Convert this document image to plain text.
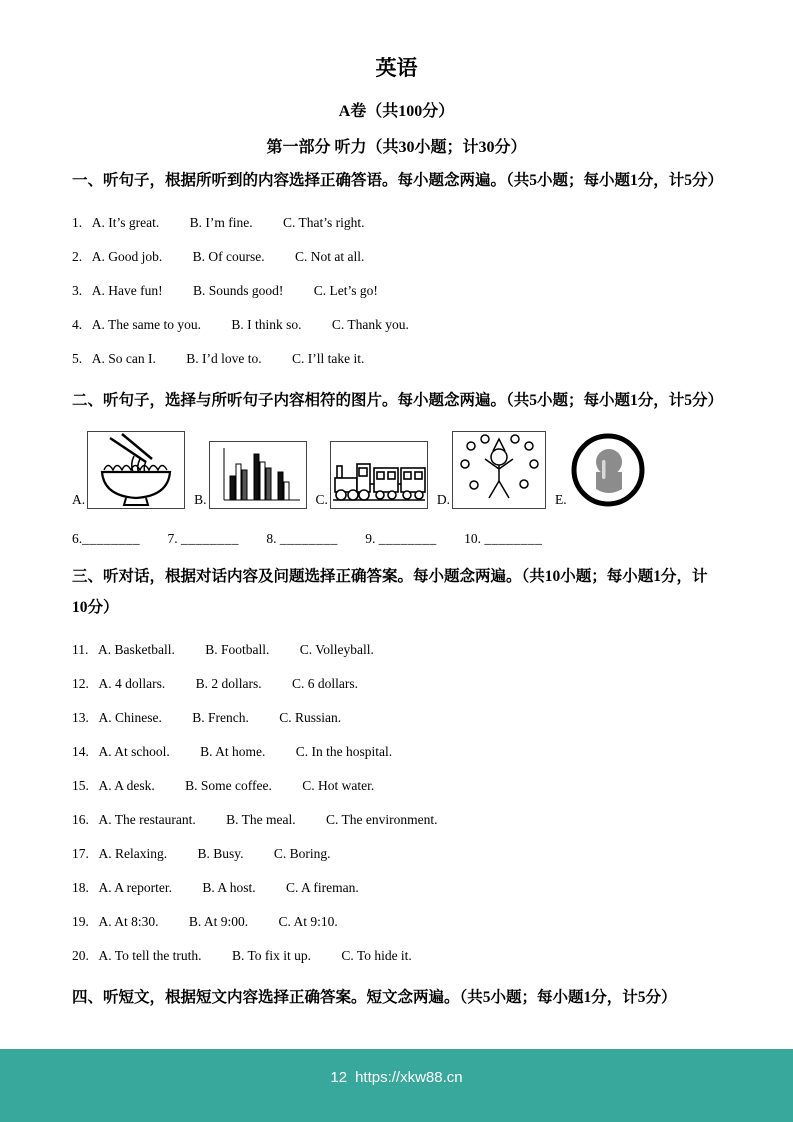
英语
A卷（共100分）
第一部分 听力（共30小题；计30分）
一、听句子，根据所听到的内容选择正确答语。每小题念两遍。（共5小题；每小题1分，计5分）

1. A. It’s great. B. I’m fine. C. That’s right.

2. A. Good job. B. Of course. C. Not at all.

3. A. Have fun! B. Sounds good! C. Let’s go!

4. A. The same to you. B. I think so. C. Thank you.

5. A. So can I. B. I’d love to. C. I’ll take it.

二、听句子，选择与所听句子内容相符的图片。每小题念两遍。（共5小题；每小题1分，计5分）
A.	B.	C.	D.	E.

6.________ 7. ________ 8. ________ 9. ________ 10. ________

三、听对话，根据对话内容及问题选择正确答案。每小题念两遍。（共10小题；每小题1分，计10分）

11. A. Basketball. B. Football. C. Volleyball.

12. A. 4 dollars. B. 2 dollars. C. 6 dollars.

13. A. Chinese. B. French. C. Russian.

14. A. At school. B. At home. C. In the hospital.

15. A. A desk. B. Some coffee. C. Hot water.

16. A. The restaurant. B. The meal. C. The environment.

17. A. Relaxing. B. Busy. C. Boring.

18. A. A reporter. B. A host. C. A fireman.

19. A. At 8:30. B. At 9:00. C. At 9:10.

20. A. To tell the truth. B. To fix it up. C. To hide it.

四、听短文，根据短文内容选择正确答案。短文念两遍。（共5小题；每小题1分，计5分）
12 https://xkw88.cn
